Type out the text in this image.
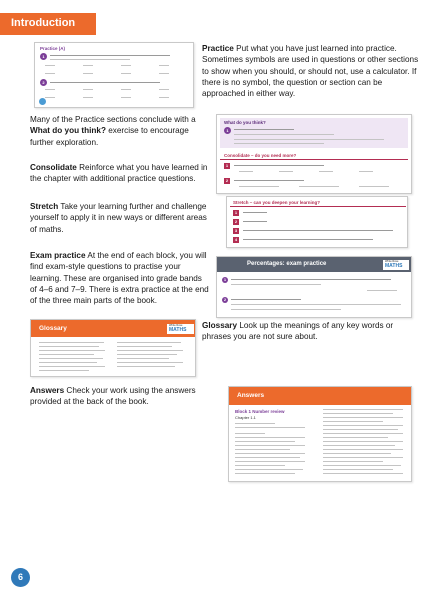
Introduction
Practice (A)
1
2
Practice Put what you have just learned into practice. Sometimes symbols are used in questions or other sections to show when you should, or should not, use a calculator. If there is no symbol, the question or section can be approached in either way.
Many of the Practice sections conclude with a What do you think? exercise to encourage further exploration.
What do you think?
1
Consolidate – do you need more?
1
2
Consolidate Reinforce what you have learned in the chapter with additional practice questions.
Stretch Take your learning further and challenge yourself to apply it in new ways or different areas of maths.
Stretch – can you deepen your learning?
1
2
3
4
Exam practice At the end of each block, you will find exam-style questions to practise your learning. These are organised into grade bands of 4–6 and 7–9. There is extra practice at the end of the three main parts of the book.
Percentages: exam practice	White Rose
MATHS
1
2
Glossary	White Rose
MATHS Glossary Look up the meanings of any key words or phrases you are not sure about.
Answers Check your work using the answers provided at the back of the book.
Answers
Block 1 Number review
Chapter 1.1
6
